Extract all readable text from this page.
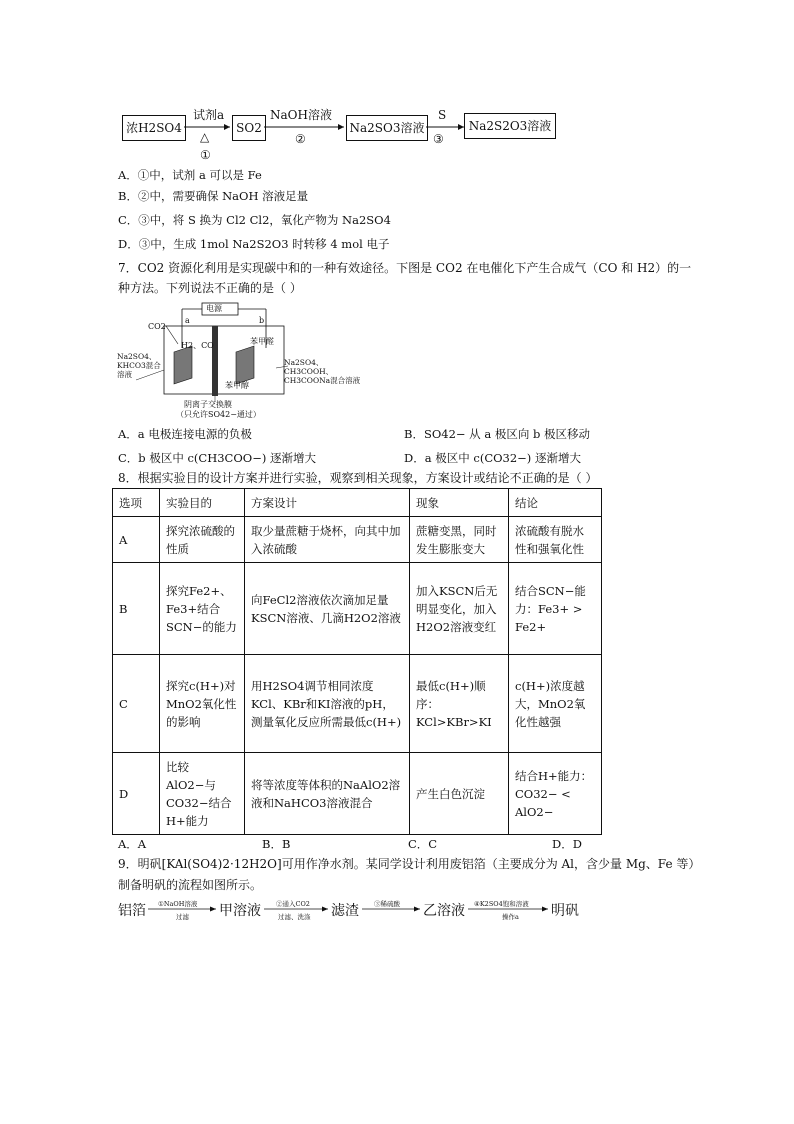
浓H2SO4
试剂a
△
①
SO2
NaOH溶液
②
Na2SO3溶液
S
③
Na2S2O3溶液
A．①中，试剂 a 可以是 Fe
B．②中，需要确保 NaOH 溶液足量
C．③中，将 S 换为 Cl2 Cl2，氧化产物为 Na2SO4
D．③中，生成 1mol Na2S2O3 时转移 4 mol 电子
7．CO2 资源化利用是实现碳中和的一种有效途径。下图是 CO2 在电催化下产生合成气（CO 和 H2）的一
种方法。下列说法不正确的是（ ）
电源
a	b
CO2
H2、CO	苯甲醛
苯甲醇
Na2SO4、KHCO3混合溶液
Na2SO4、CH3COOH、CH3COONa混合溶液
阴离子交换膜
（只允许SO42−通过）
A．a 电极连接电源的负极	B．SO42− 从 a 极区向 b 极区移动
C．b 极区中 c(CH3COO−) 逐渐增大	D．a 极区中 c(CO32−) 逐渐增大
8．根据实验目的设计方案并进行实验，观察到相关现象，方案设计或结论不正确的是（ ）
选项	实验目的	方案设计	现象	结论
A	探究浓硫酸的性质	取少量蔗糖于烧杯，向其中加入浓硫酸	蔗糖变黑，同时发生膨胀变大	浓硫酸有脱水性和强氧化性
B	探究Fe2+、Fe3+结合SCN−的能力	向FeCl2溶液依次滴加足量KSCN溶液、几滴H2O2溶液	加入KSCN后无明显变化，加入H2O2溶液变红	结合SCN−能力：Fe3+ > Fe2+
C	探究c(H+)对MnO2氧化性的影响	用H2SO4调节相同浓度KCl、KBr和KI溶液的pH，测量氧化反应所需最低c(H+)	最低c(H+)顺序：KCl>KBr>KI	c(H+)浓度越大，MnO2氧化性越强
D	比较AlO2−与CO32−结合H+能力	将等浓度等体积的NaAlO2溶液和NaHCO3溶液混合	产生白色沉淀	结合H+能力：CO32− < AlO2−
A．A	B．B	C．C	D．D
9．明矾[KAl(SO4)2·12H2O]可用作净水剂。某同学设计利用废铝箔（主要成分为 Al，含少量 Mg、Fe 等）
制备明矾的流程如图所示。
铝箔 ①NaOH溶液
过滤 甲溶液 ②通入CO2
过滤、洗涤 滤渣 ③稀硫酸 乙溶液 ④K2SO4饱和溶液
操作a 明矾
